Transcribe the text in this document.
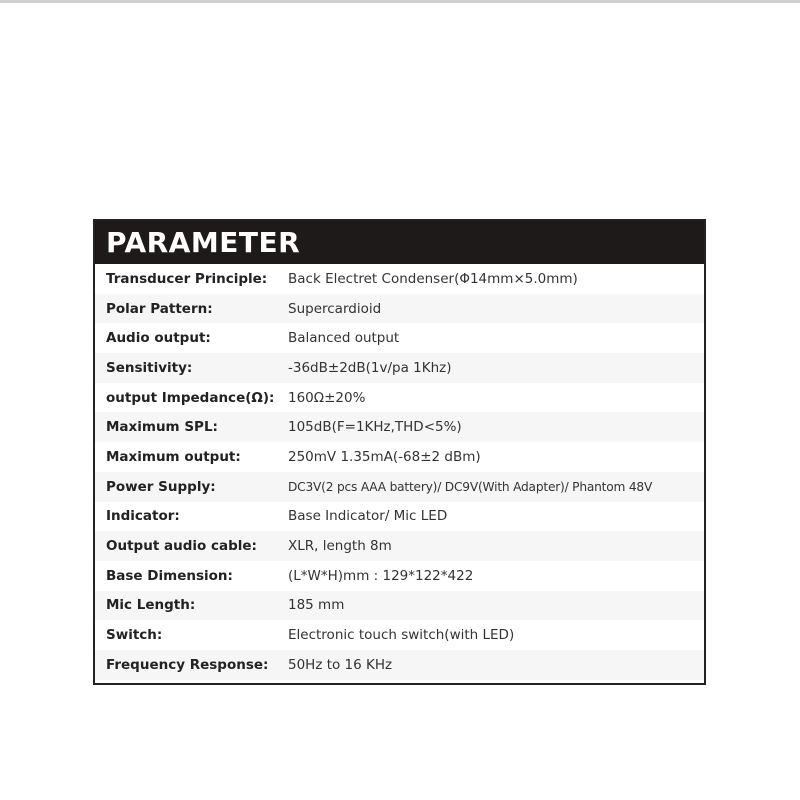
PARAMETER
Transducer Principle:	Back Electret Condenser(Φ14mm×5.0mm)
Polar Pattern:	Supercardioid
Audio output:	Balanced output
Sensitivity:	-36dB±2dB(1v/pa 1Khz)
output Impedance(Ω):	160Ω±20%
Maximum SPL:	105dB(F=1KHz,THD<5%)
Maximum output:	250mV 1.35mA(-68±2 dBm)
Power Supply:	DC3V(2 pcs AAA battery)/ DC9V(With Adapter)/ Phantom 48V
Indicator:	Base Indicator/ Mic LED
Output audio cable:	XLR, length 8m
Base Dimension:	(L*W*H)mm : 129*122*422
Mic Length:	185 mm
Switch:	Electronic touch switch(with LED)
Frequency Response:	50Hz to 16 KHz
